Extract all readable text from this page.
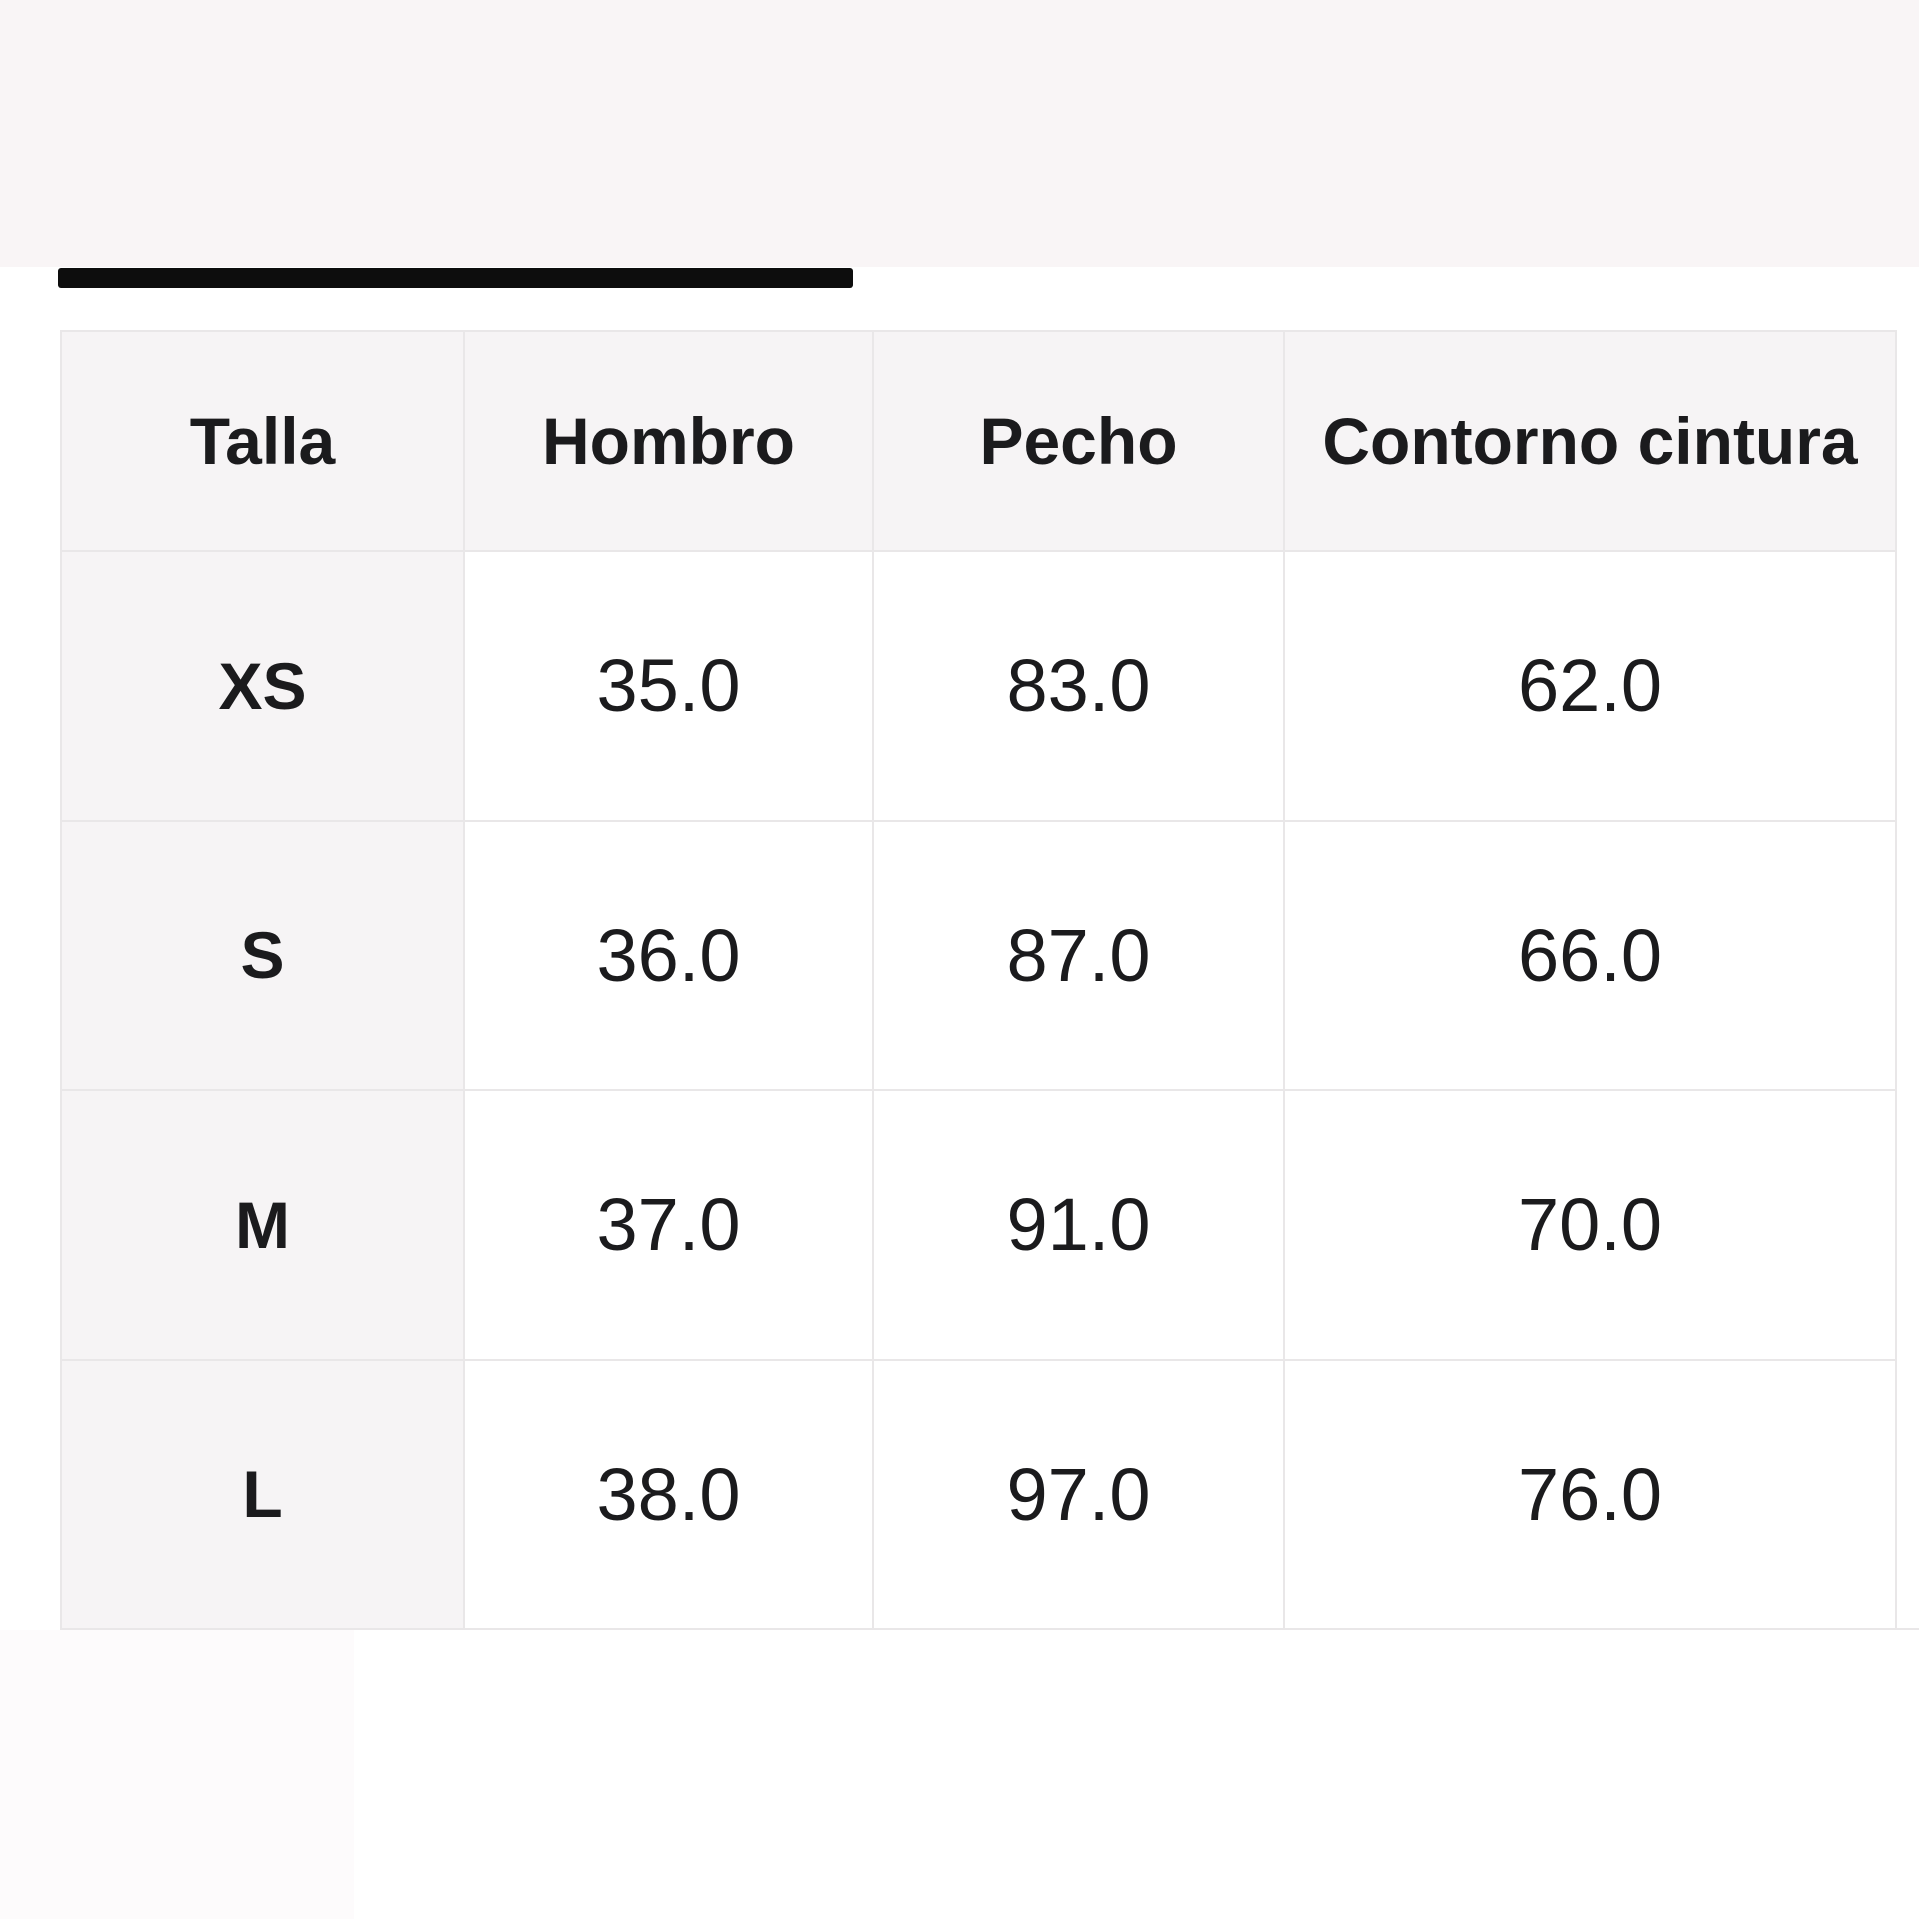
Talla	Hombro	Pecho	Contorno cintura
XS	35.0	83.0	62.0
S	36.0	87.0	66.0
M	37.0	91.0	70.0
L	38.0	97.0	76.0
